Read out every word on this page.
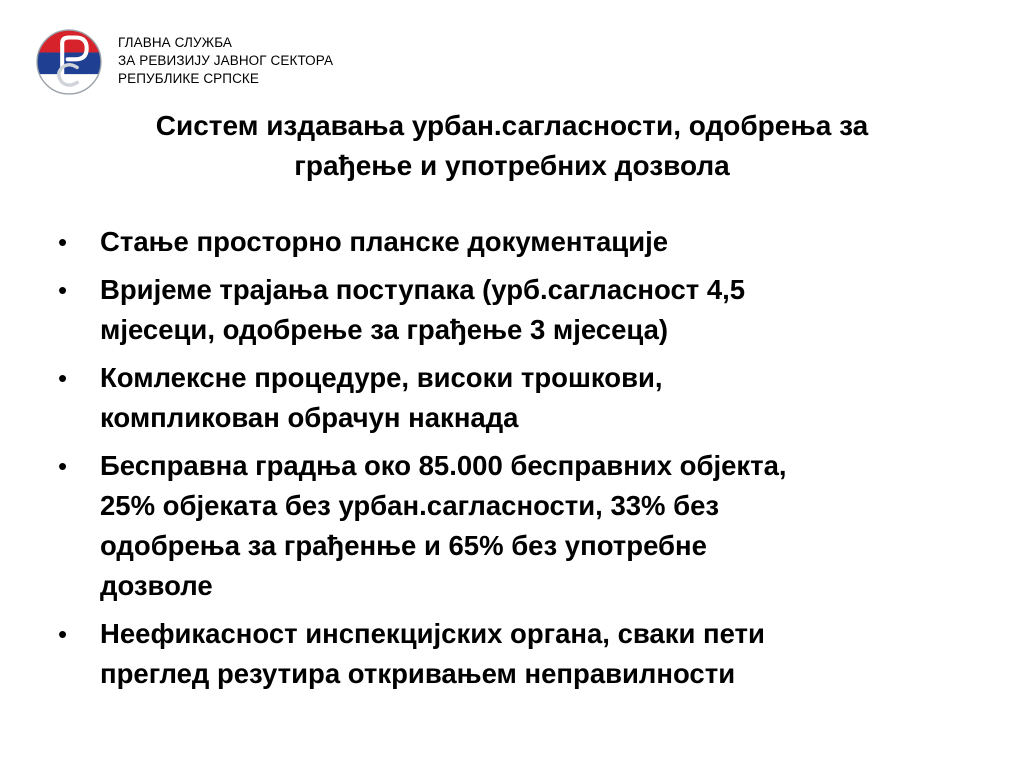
ГЛАВНА СЛУЖБА
ЗА РЕВИЗИЈУ ЈАВНОГ СЕКТОРА
РЕПУБЛИКЕ СРПСКЕ
Систем издавања урбан.сагласности, одобрења за
грађење и употребних дозвола
• Стање просторно планске документације
• Вријеме трајања поступака (урб.сагласност 4,5
мјесеци, одобрење за грађење 3 мјесеца)
• Комлексне процедуре, високи трошкови,
компликован обрачун накнада
• Бесправна градња око 85.000 бесправних објекта,
25% објеката без урбан.сагласности, 33% без
одобрења за грађенње и 65% без употребне
дозволе
• Неефикасност инспекцијских органа, сваки пети
преглед резутира откривањем неправилности
